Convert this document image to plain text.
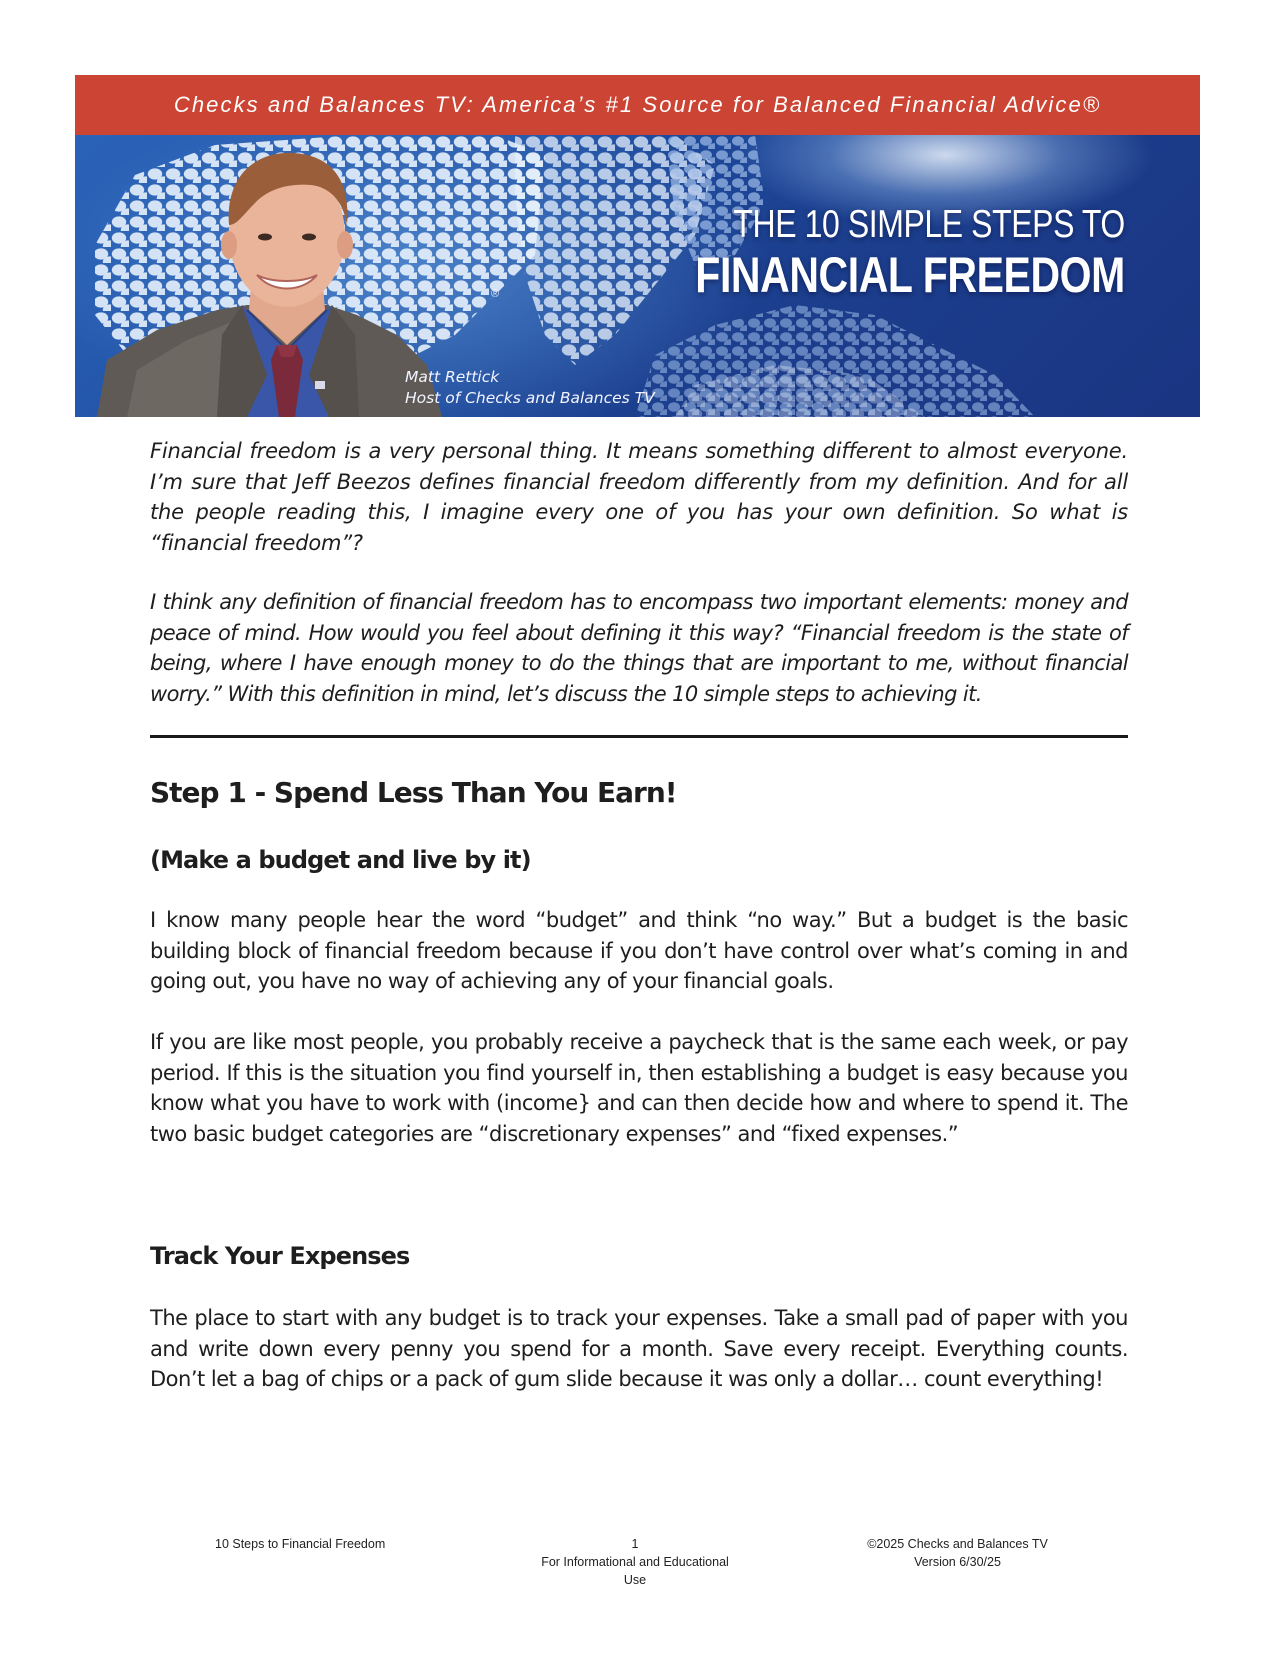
Checks and Balances TV: America’s #1 Source for Balanced Financial Advice®
®
Matt Rettick
Host of Checks and Balances TV
THE 10 SIMPLE STEPS TO
FINANCIAL FREEDOM

Financial freedom is a very personal thing. It means something different to almost everyone. I’m sure that Jeff Beezos defines financial freedom differently from my definition. And for all the people reading this, I imagine every one of you has your own definition. So what is “financial freedom”?

I think any definition of financial freedom has to encompass two important elements: money and peace of mind. How would you feel about defining it this way? “Financial freedom is the state of being, where I have enough money to do the things that are important to me, without financial worry.” With this definition in mind, let’s discuss the 10 simple steps to achieving it.

Step 1 - Spend Less Than You Earn!
(Make a budget and live by it)

I know many people hear the word “budget” and think “no way.” But a budget is the basic building block of financial freedom because if you don’t have control over what’s coming in and going out, you have no way of achieving any of your financial goals.

If you are like most people, you probably receive a paycheck that is the same each week, or pay period. If this is the situation you find yourself in, then establishing a budget is easy because you know what you have to work with (income} and can then decide how and where to spend it. The two basic budget categories are “discretionary expenses” and “fixed expenses.”

Track Your Expenses

The place to start with any budget is to track your expenses. Take a small pad of paper with you and write down every penny you spend for a month. Save every receipt. Everything counts. Don’t let a bag of chips or a pack of gum slide because it was only a dollar… count everything!

10 Steps to Financial Freedom	1
For Informational and Educational Use
©2025 Checks and Balances TV
Version 6/30/25
